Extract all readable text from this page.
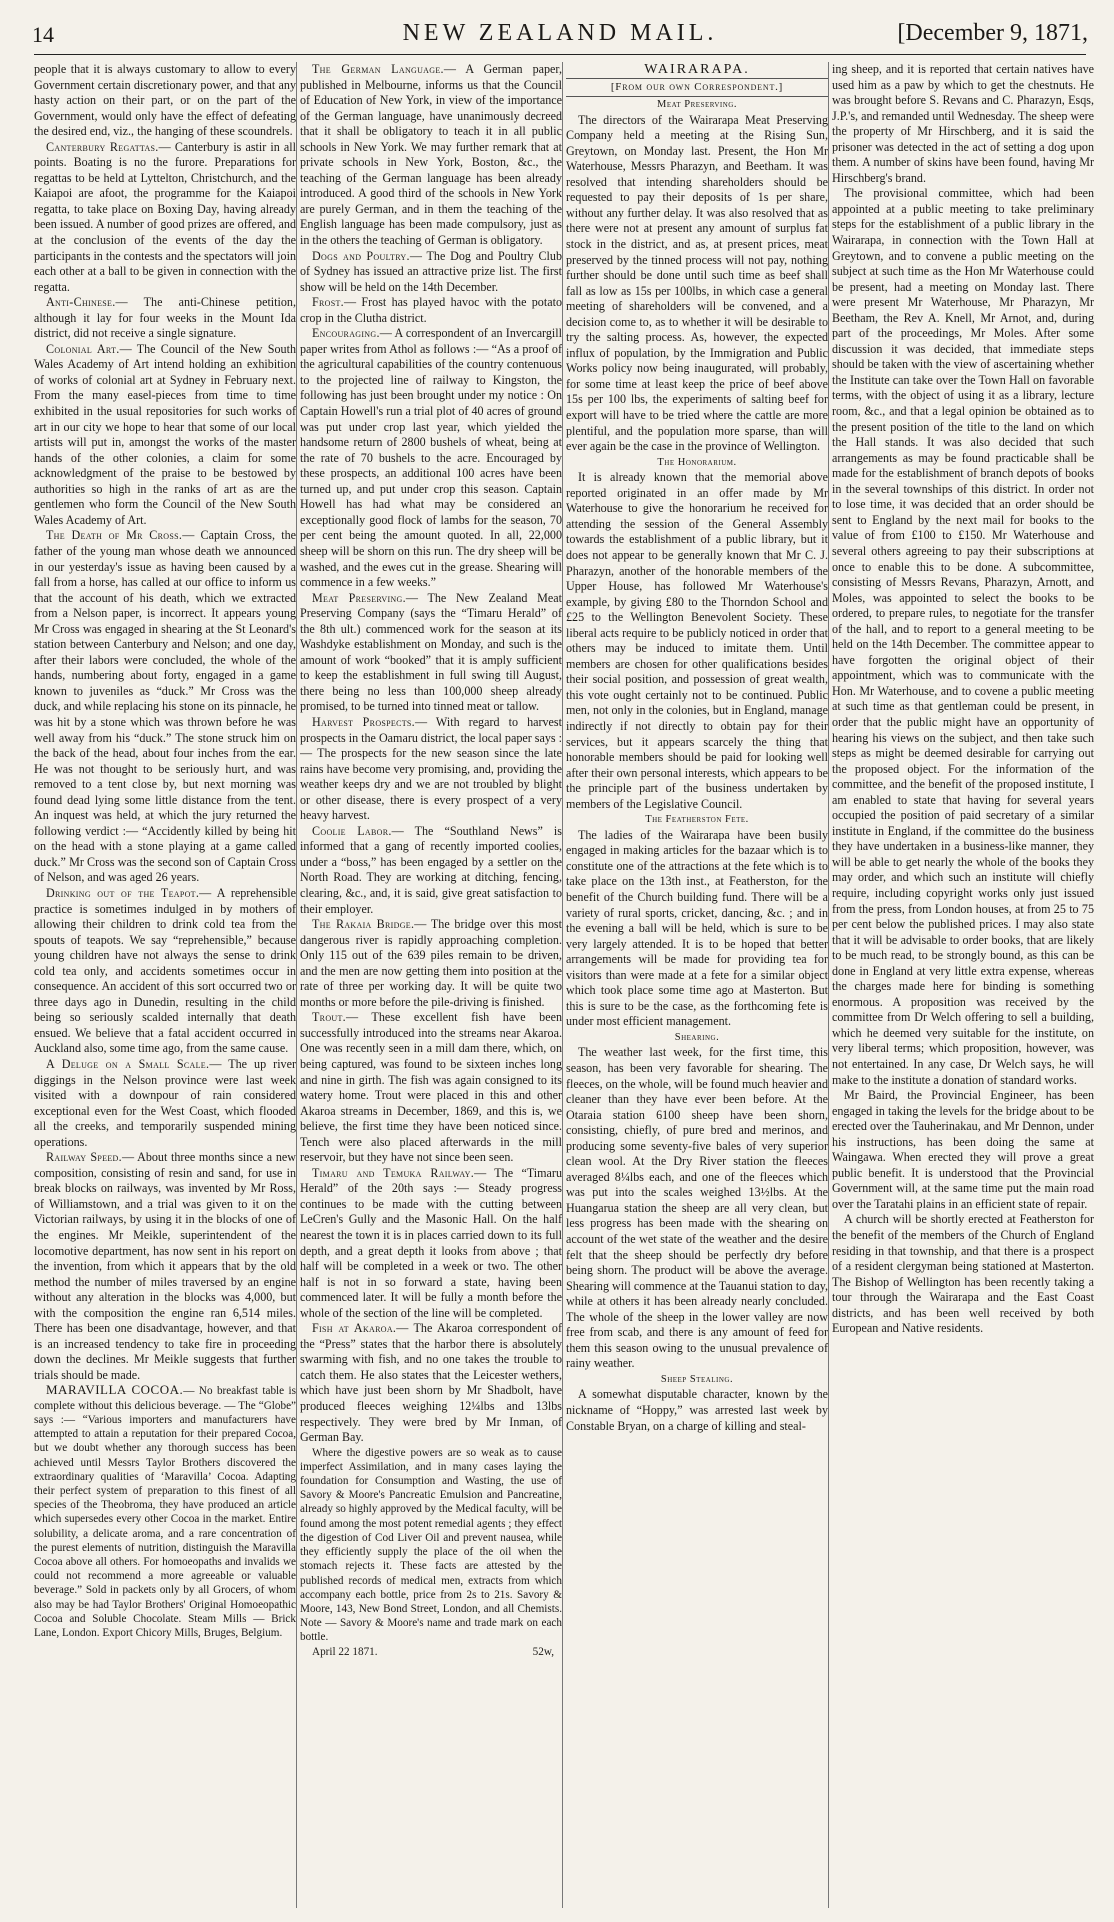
14	NEW ZEALAND MAIL.	[December 9, 1871,

people that it is always customary to allow to every Government certain discretionary power, and that any hasty action on their part, or on the part of the Government, would only have the effect of defeating the desired end, viz., the hanging of these scoundrels.

Canterbury Regattas.— Canterbury is astir in all points. Boating is no the furore. Preparations for regattas to be held at Lyttelton, Christchurch, and the Kaiapoi are afoot, the programme for the Kaiapoi regatta, to take place on Boxing Day, having already been issued. A number of good prizes are offered, and at the conclusion of the events of the day the participants in the contests and the spectators will join each other at a ball to be given in connection with the regatta.

Anti-Chinese.— The anti-Chinese petition, although it lay for four weeks in the Mount Ida district, did not receive a single signature.

Colonial Art.— The Council of the New South Wales Academy of Art intend holding an exhibition of works of colonial art at Sydney in February next. From the many easel-pieces from time to time exhibited in the usual repositories for such works of art in our city we hope to hear that some of our local artists will put in, amongst the works of the master hands of the other colonies, a claim for some acknowledgment of the praise to be bestowed by authorities so high in the ranks of art as are the gentlemen who form the Council of the New South Wales Academy of Art.

The Death of Mr Cross.— Captain Cross, the father of the young man whose death we announced in our yesterday's issue as having been caused by a fall from a horse, has called at our office to inform us that the account of his death, which we extracted from a Nelson paper, is incorrect. It appears young Mr Cross was engaged in shearing at the St Leonard's station between Canterbury and Nelson; and one day, after their labors were concluded, the whole of the hands, numbering about forty, engaged in a game known to juveniles as “duck.” Mr Cross was the duck, and while replacing his stone on its pinnacle, he was hit by a stone which was thrown before he was well away from his “duck.” The stone struck him on the back of the head, about four inches from the ear. He was not thought to be seriously hurt, and was removed to a tent close by, but next morning was found dead lying some little distance from the tent. An inquest was held, at which the jury returned the following verdict :— “Accidently killed by being hit on the head with a stone playing at a game called duck.” Mr Cross was the second son of Captain Cross of Nelson, and was aged 26 years.

Drinking out of the Teapot.— A reprehensible practice is sometimes indulged in by mothers of allowing their children to drink cold tea from the spouts of teapots. We say “reprehensible,” because young children have not always the sense to drink cold tea only, and accidents sometimes occur in consequence. An accident of this sort occurred two or three days ago in Dunedin, resulting in the child being so seriously scalded internally that death ensued. We believe that a fatal accident occurred in Auckland also, some time ago, from the same cause.

A Deluge on a Small Scale.— The up river diggings in the Nelson province were last week visited with a downpour of rain considered exceptional even for the West Coast, which flooded all the creeks, and temporarily suspended mining operations.

Railway Speed.— About three months since a new composition, consisting of resin and sand, for use in break blocks on railways, was invented by Mr Ross, of Williamstown, and a trial was given to it on the Victorian railways, by using it in the blocks of one of the engines. Mr Meikle, superintendent of the locomotive department, has now sent in his report on the invention, from which it appears that by the old method the number of miles traversed by an engine without any alteration in the blocks was 4,000, but with the composition the engine ran 6,514 miles. There has been one disadvantage, however, and that is an increased tendency to take fire in proceeding down the declines. Mr Meikle suggests that further trials should be made.

MARAVILLA COCOA.— No breakfast table is complete without this delicious beverage. — The “Globe” says :— “Various importers and manufacturers have attempted to attain a reputation for their prepared Cocoa, but we doubt whether any thorough success has been achieved until Messrs Taylor Brothers discovered the extraordinary qualities of ‘Maravilla’ Cocoa. Adapting their perfect system of preparation to this finest of all species of the Theobroma, they have produced an article which supersedes every other Cocoa in the market. Entire solubility, a delicate aroma, and a rare concentration of the purest elements of nutrition, distinguish the Maravilla Cocoa above all others. For homoeopaths and invalids we could not recommend a more agreeable or valuable beverage.” Sold in packets only by all Grocers, of whom also may be had Taylor Brothers' Original Homoeopathic Cocoa and Soluble Chocolate. Steam Mills — Brick Lane, London. Export Chicory Mills, Bruges, Belgium.

The German Language.— A German paper, published in Melbourne, informs us that the Council of Education of New York, in view of the importance of the German language, have unanimously decreed that it shall be obligatory to teach it in all public schools in New York. We may further remark that at private schools in New York, Boston, &c., the teaching of the German language has been already introduced. A good third of the schools in New York are purely German, and in them the teaching of the English language has been made compulsory, just as in the others the teaching of German is obligatory.

Dogs and Poultry.— The Dog and Poultry Club of Sydney has issued an attractive prize list. The first show will be held on the 14th December.

Frost.— Frost has played havoc with the potato crop in the Clutha district.

Encouraging.— A correspondent of an Invercargill paper writes from Athol as follows :— “As a proof of the agricultural capabilities of the country contenuous to the projected line of railway to Kingston, the following has just been brought under my notice : On Captain Howell's run a trial plot of 40 acres of ground was put under crop last year, which yielded the handsome return of 2800 bushels of wheat, being at the rate of 70 bushels to the acre. Encouraged by these prospects, an additional 100 acres have been turned up, and put under crop this season. Captain Howell has had what may be considered an exceptionally good flock of lambs for the season, 70 per cent being the amount quoted. In all, 22,000 sheep will be shorn on this run. The dry sheep will be washed, and the ewes cut in the grease. Shearing will commence in a few weeks.”

Meat Preserving.— The New Zealand Meat Preserving Company (says the “Timaru Herald” of the 8th ult.) commenced work for the season at its Washdyke establishment on Monday, and such is the amount of work “booked” that it is amply sufficient to keep the establishment in full swing till August, there being no less than 100,000 sheep already promised, to be turned into tinned meat or tallow.

Harvest Prospects.— With regard to harvest prospects in the Oamaru district, the local paper says :— The prospects for the new season since the late rains have become very promising, and, providing the weather keeps dry and we are not troubled by blight or other disease, there is every prospect of a very heavy harvest.

Coolie Labor.— The “Southland News” is informed that a gang of recently imported coolies, under a “boss,” has been engaged by a settler on the North Road. They are working at ditching, fencing, clearing, &c., and, it is said, give great satisfaction to their employer.

The Rakaia Bridge.— The bridge over this most dangerous river is rapidly approaching completion. Only 115 out of the 639 piles remain to be driven, and the men are now getting them into position at the rate of three per working day. It will be quite two months or more before the pile-driving is finished.

Trout.— These excellent fish have been successfully introduced into the streams near Akaroa. One was recently seen in a mill dam there, which, on being captured, was found to be sixteen inches long and nine in girth. The fish was again consigned to its watery home. Trout were placed in this and other Akaroa streams in December, 1869, and this is, we believe, the first time they have been noticed since. Tench were also placed afterwards in the mill reservoir, but they have not since been seen.

Timaru and Temuka Railway.— The “Timaru Herald” of the 20th says :— Steady progress continues to be made with the cutting between LeCren's Gully and the Masonic Hall. On the half nearest the town it is in places carried down to its full depth, and a great depth it looks from above ; that half will be completed in a week or two. The other half is not in so forward a state, having been commenced later. It will be fully a month before the whole of the section of the line will be completed.

Fish at Akaroa.— The Akaroa correspondent of the “Press” states that the harbor there is absolutely swarming with fish, and no one takes the trouble to catch them. He also states that the Leicester wethers, which have just been shorn by Mr Shadbolt, have produced fleeces weighing 12¼lbs and 13lbs respectively. They were bred by Mr Inman, of German Bay.

Where the digestive powers are so weak as to cause imperfect Assimilation, and in many cases laying the foundation for Consumption and Wasting, the use of Savory & Moore's Pancreatic Emulsion and Pancreatine, already so highly approved by the Medical faculty, will be found among the most potent remedial agents ; they effect the digestion of Cod Liver Oil and prevent nausea, while they efficiently supply the place of the oil when the stomach rejects it. These facts are attested by the published records of medical men, extracts from which accompany each bottle, price from 2s to 21s. Savory & Moore, 143, New Bond Street, London, and all Chemists. Note — Savory & Moore's name and trade mark on each bottle.

April 22 1871.	52w,

WAIRARAPA.

[From our own Correspondent.]

Meat Preserving.

The directors of the Wairarapa Meat Preserving Company held a meeting at the Rising Sun, Greytown, on Monday last. Present, the Hon Mr Waterhouse, Messrs Pharazyn, and Beetham. It was resolved that intending shareholders should be requested to pay their deposits of 1s per share, without any further delay. It was also resolved that as there were not at present any amount of surplus fat stock in the district, and as, at present prices, meat preserved by the tinned process will not pay, nothing further should be done until such time as beef shall fall as low as 15s per 100lbs, in which case a general meeting of shareholders will be convened, and a decision come to, as to whether it will be desirable to try the salting process. As, however, the expected influx of population, by the Immigration and Public Works policy now being inaugurated, will probably, for some time at least keep the price of beef above 15s per 100 lbs, the experiments of salting beef for export will have to be tried where the cattle are more plentiful, and the population more sparse, than will ever again be the case in the province of Wellington.

The Honorarium.

It is already known that the memorial above reported originated in an offer made by Mr Waterhouse to give the honorarium he received for attending the session of the General Assembly towards the establishment of a public library, but it does not appear to be generally known that Mr C. J. Pharazyn, another of the honorable members of the Upper House, has followed Mr Waterhouse's example, by giving £80 to the Thorndon School and £25 to the Wellington Benevolent Society. These liberal acts require to be publicly noticed in order that others may be induced to imitate them. Until members are chosen for other qualifications besides their social position, and possession of great wealth, this vote ought certainly not to be continued. Public men, not only in the colonies, but in England, manage indirectly if not directly to obtain pay for their services, but it appears scarcely the thing that honorable members should be paid for looking well after their own personal interests, which appears to be the principle part of the business undertaken by members of the Legislative Council.

The Featherston Fete.

The ladies of the Wairarapa have been busily engaged in making articles for the bazaar which is to constitute one of the attractions at the fete which is to take place on the 13th inst., at Featherston, for the benefit of the Church building fund. There will be a variety of rural sports, cricket, dancing, &c. ; and in the evening a ball will be held, which is sure to be very largely attended. It is to be hoped that better arrangements will be made for providing tea for visitors than were made at a fete for a similar object which took place some time ago at Masterton. But this is sure to be the case, as the forthcoming fete is under most efficient management.

Shearing.

The weather last week, for the first time, this season, has been very favorable for shearing. The fleeces, on the whole, will be found much heavier and cleaner than they have ever been before. At the Otaraia station 6100 sheep have been shorn, consisting, chiefly, of pure bred and merinos, and producing some seventy-five bales of very superior clean wool. At the Dry River station the fleeces averaged 8¼lbs each, and one of the fleeces which was put into the scales weighed 13½lbs. At the Huangarua station the sheep are all very clean, but less progress has been made with the shearing on account of the wet state of the weather and the desire felt that the sheep should be perfectly dry before being shorn. The product will be above the average. Shearing will commence at the Tauanui station to day, while at others it has been already nearly concluded. The whole of the sheep in the lower valley are now free from scab, and there is any amount of feed for them this season owing to the unusual prevalence of rainy weather.

Sheep Stealing.

A somewhat disputable character, known by the nickname of “Hoppy,” was arrested last week by Constable Bryan, on a charge of killing and steal-

ing sheep, and it is reported that certain natives have used him as a paw by which to get the chestnuts. He was brought before S. Revans and C. Pharazyn, Esqs, J.P.'s, and remanded until Wednesday. The sheep were the property of Mr Hirschberg, and it is said the prisoner was detected in the act of setting a dog upon them. A number of skins have been found, having Mr Hirschberg's brand.

The provisional committee, which had been appointed at a public meeting to take preliminary steps for the establishment of a public library in the Wairarapa, in connection with the Town Hall at Greytown, and to convene a public meeting on the subject at such time as the Hon Mr Waterhouse could be present, had a meeting on Monday last. There were present Mr Waterhouse, Mr Pharazyn, Mr Beetham, the Rev A. Knell, Mr Arnot, and, during part of the proceedings, Mr Moles. After some discussion it was decided, that immediate steps should be taken with the view of ascertaining whether the Institute can take over the Town Hall on favorable terms, with the object of using it as a library, lecture room, &c., and that a legal opinion be obtained as to the present position of the title to the land on which the Hall stands. It was also decided that such arrangements as may be found practicable shall be made for the establishment of branch depots of books in the several townships of this district. In order not to lose time, it was decided that an order should be sent to England by the next mail for books to the value of from £100 to £150. Mr Waterhouse and several others agreeing to pay their subscriptions at once to enable this to be done. A subcommittee, consisting of Messrs Revans, Pharazyn, Arnott, and Moles, was appointed to select the books to be ordered, to prepare rules, to negotiate for the transfer of the hall, and to report to a general meeting to be held on the 14th December. The committee appear to have forgotten the original object of their appointment, which was to communicate with the Hon. Mr Waterhouse, and to covene a public meeting at such time as that gentleman could be present, in order that the public might have an opportunity of hearing his views on the subject, and then take such steps as might be deemed desirable for carrying out the proposed object. For the information of the committee, and the benefit of the proposed institute, I am enabled to state that having for several years occupied the position of paid secretary of a similar institute in England, if the committee do the business they have undertaken in a business-like manner, they will be able to get nearly the whole of the books they may order, and which such an institute will chiefly require, including copyright works only just issued from the press, from London houses, at from 25 to 75 per cent below the published prices. I may also state that it will be advisable to order books, that are likely to be much read, to be strongly bound, as this can be done in England at very little extra expense, whereas the charges made here for binding is something enormous. A proposition was received by the committee from Dr Welch offering to sell a building, which he deemed very suitable for the institute, on very liberal terms; which proposition, however, was not entertained. In any case, Dr Welch says, he will make to the institute a donation of standard works.

Mr Baird, the Provincial Engineer, has been engaged in taking the levels for the bridge about to be erected over the Tauherinakau, and Mr Dennon, under his instructions, has been doing the same at Waingawa. When erected they will prove a great public benefit. It is understood that the Provincial Government will, at the same time put the main road over the Taratahi plains in an efficient state of repair.

A church will be shortly erected at Featherston for the benefit of the members of the Church of England residing in that township, and that there is a prospect of a resident clergyman being stationed at Masterton. The Bishop of Wellington has been recently taking a tour through the Wairarapa and the East Coast districts, and has been well received by both European and Native residents.
